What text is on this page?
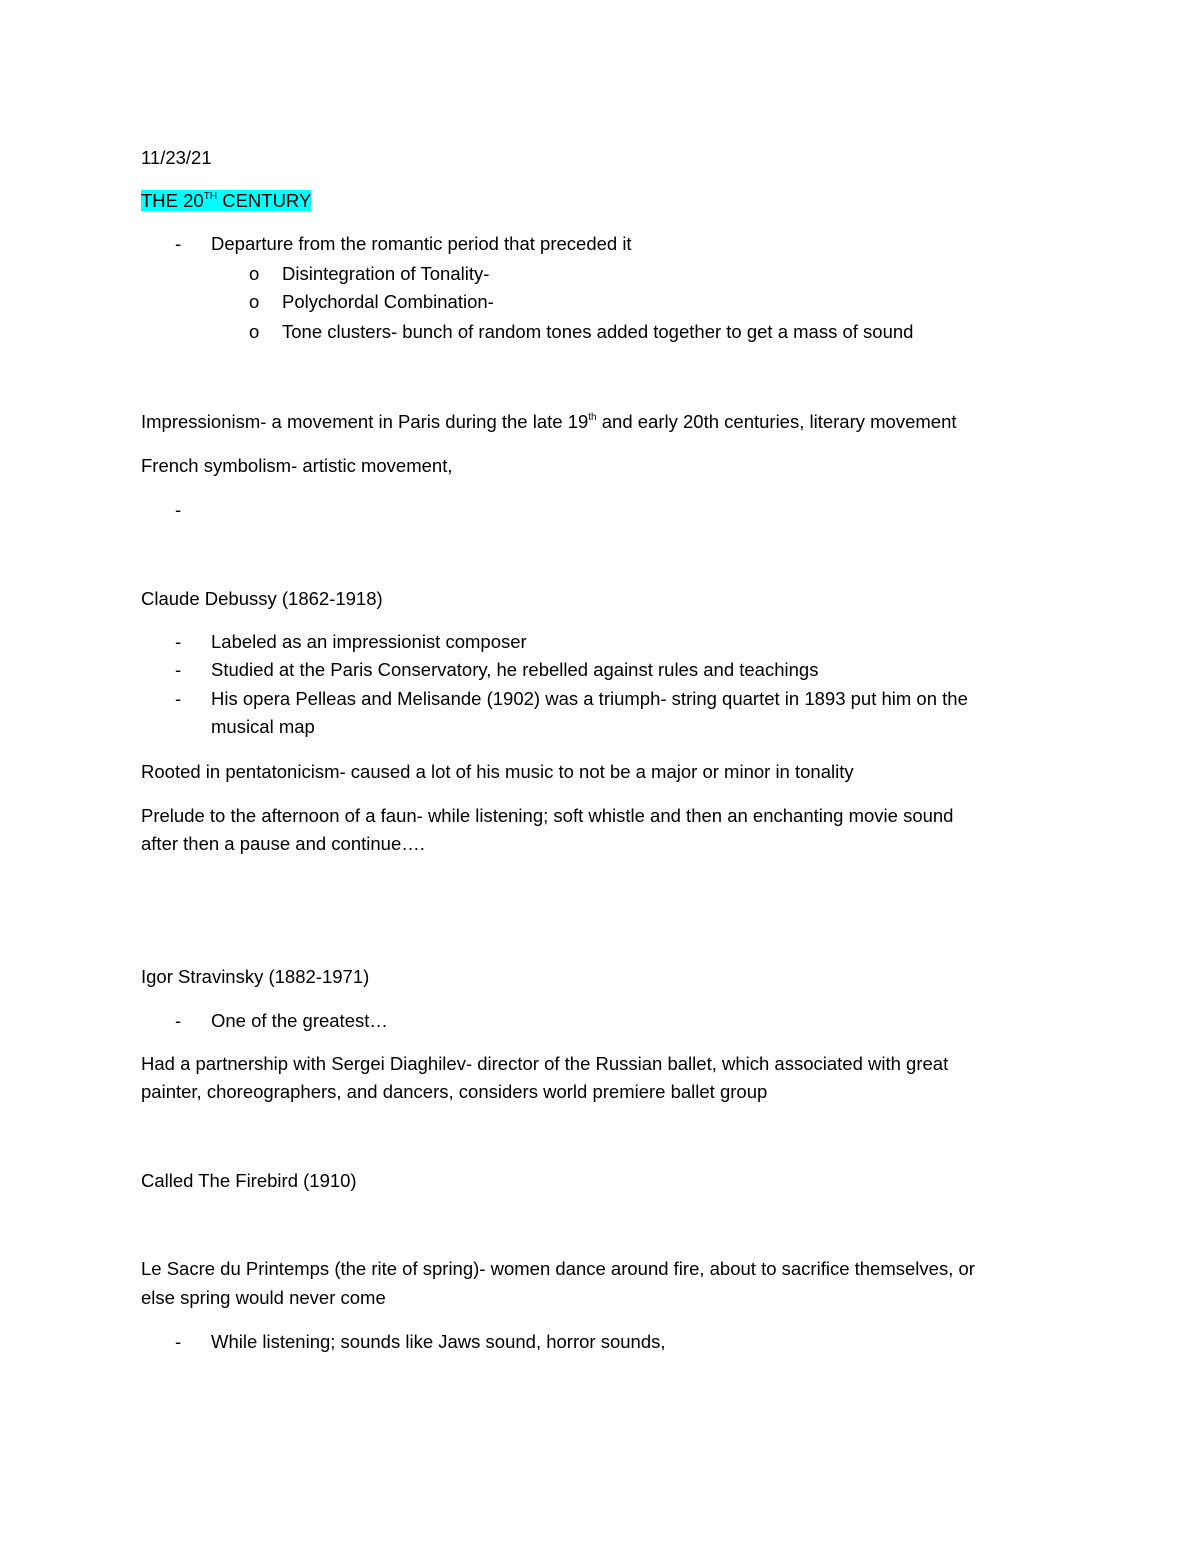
11/23/21
THE 20TH CENTURY
- Departure from the romantic period that preceded it
o Disintegration of Tonality-
o Polychordal Combination-
o Tone clusters- bunch of random tones added together to get a mass of sound
Impressionism- a movement in Paris during the late 19th and early 20th centuries, literary movement
French symbolism- artistic movement,
-
Claude Debussy (1862-1918)
- Labeled as an impressionist composer
- Studied at the Paris Conservatory, he rebelled against rules and teachings
- His opera Pelleas and Melisande (1902) was a triumph- string quartet in 1893 put him on the
musical map
Rooted in pentatonicism- caused a lot of his music to not be a major or minor in tonality
Prelude to the afternoon of a faun- while listening; soft whistle and then an enchanting movie sound
after then a pause and continue….
Igor Stravinsky (1882-1971)
- One of the greatest…
Had a partnership with Sergei Diaghilev- director of the Russian ballet, which associated with great
painter, choreographers, and dancers, considers world premiere ballet group
Called The Firebird (1910)
Le Sacre du Printemps (the rite of spring)- women dance around fire, about to sacrifice themselves, or
else spring would never come
- While listening; sounds like Jaws sound, horror sounds,
